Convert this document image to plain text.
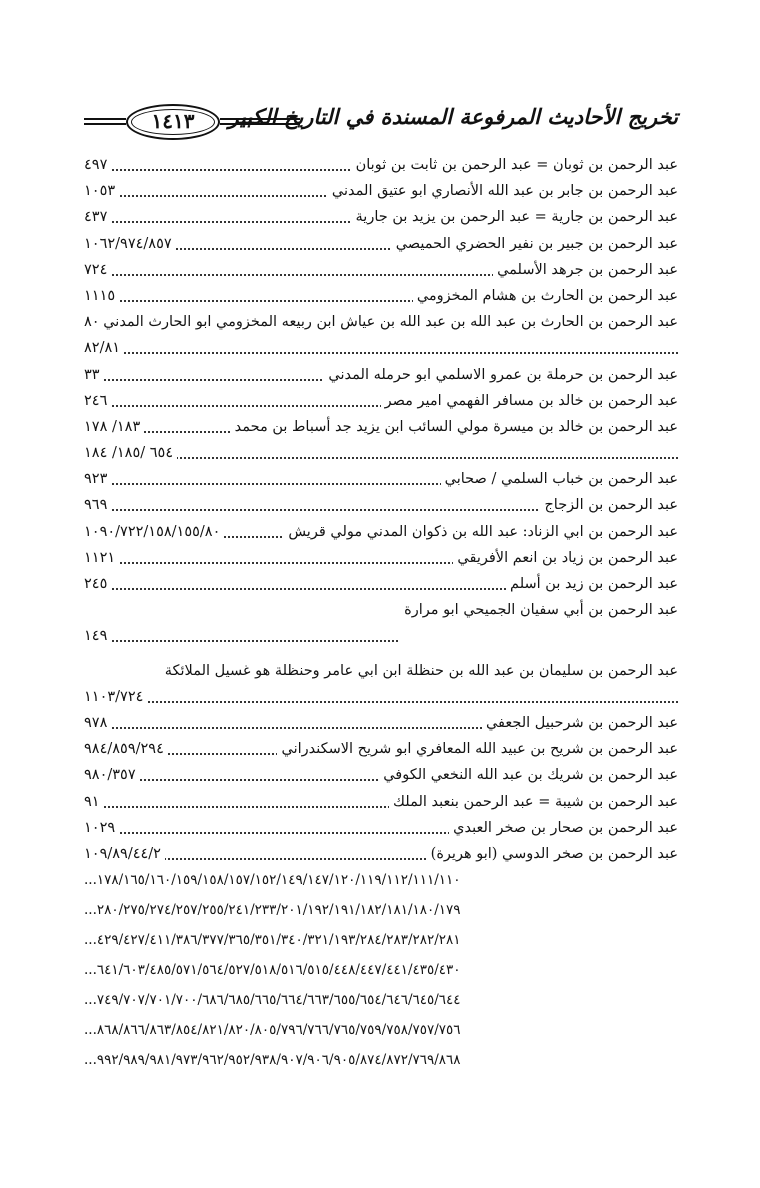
١٤١٣	تخريج الأحاديث المرفوعة المسندة في التاريخ الكبير
عبد الرحمن بن ثوبان = عبد الرحمن بن ثابت بن ثوبان
٤٩٧
عبد الرحمن بن جابر بن عبد الله الأنصاري ابو عتيق المدني
١٠٥٣
عبد الرحمن بن جارية = عبد الرحمن بن يزيد بن جارية
٤٣٧
عبد الرحمن بن جبير بن نفير الحضري الحميصي
١٠٦٢/٩٧٤/٨٥٧
عبد الرحمن بن جرهد الأسلمي
٧٢٤
عبد الرحمن بن الحارث بن هشام المخزومي
١١١٥
عبد الرحمن بن الحارث بن عبد الله بن عبد الله بن عياش ابن ربيعه المخزومي ابو الحارث المدني
٨٠
٨٢/٨١
عبد الرحمن بن حرملة بن عمرو الاسلمي ابو حرمله المدني
٣٣
عبد الرحمن بن خالد بن مسافر الفهمي امير مصر
٢٤٦
عبد الرحمن بن خالد بن ميسرة مولي السائب ابن يزيد جد أسباط بن محمد
١٨٣/ ١٧٨
٦٥٤ /١٨٥/ ١٨٤
عبد الرحمن بن خباب السلمي / صحابي
٩٢٣
عبد الرحمن بن الزجاج
٩٦٩
عبد الرحمن بن ابي الزناد: عبد الله بن ذكوان المدني مولي قريش
١٠٩٠/٧٢٢/١٥٨/١٥٥/٨٠
عبد الرحمن بن زياد بن انعم الأفريقي
١١٢١
عبد الرحمن بن زيد بن أسلم
٢٤٥
عبد الرحمن بن أبي سفيان الجميحي ابو مرارة
١٤٩
عبد الرحمن بن سليمان بن عبد الله بن حنظلة ابن ابي عامر وحنظلة هو غسيل الملائكة
١١٠٣/٧٢٤
عبد الرحمن بن شرحبيل الجعفي
٩٧٨
عبد الرحمن بن شريح بن عبيد الله المعافري ابو شريح الاسكندراني
٩٨٤/٨٥٩/٢٩٤
عبد الرحمن بن شريك بن عبد الله النخعي الكوفي
٩٨٠/٣٥٧
عبد الرحمن بن شيبة = عبد الرحمن بنعبد الملك
٩١
عبد الرحمن بن صحار بن صخر العبدي
١٠٢٩
عبد الرحمن بن صخر الدوسي (ابو هريرة)
١٠٩/٨٩/٤٤/٢
١٧٨/١٦٥/١٦٠/١٥٩/١٥٨/١٥٧/١٥٢/١٤٩/١٤٧/١٢٠/١١٩/١١٢/١١١/١١٠...
٢٨٠/٢٧٥/٢٧٤/٢٥٧/٢٥٥/٢٤١/٢٣٣/٢٠١/١٩٢/١٩١/١٨٢/١٨١/١٨٠/١٧٩...
٤٢٩/٤٢٧/٤١١/٣٨٦/٣٧٧/٣٦٥/٣٥١/٣٤٠/٣٢١/١٩٣/٢٨٤/٢٨٣/٢٨٢/٢٨١...
٦٤١/٦٠٣/٤٨٥/٥٧١/٥٦٤/٥٢٧/٥١٨/٥١٦/٥١٥/٤٤٨/٤٤٧/٤٤١/٤٣٥/٤٣٠...
٧٤٩/٧٠٧/٧٠١/٧٠٠/٦٨٦/٦٨٥/٦٦٥/٦٦٤/٦٦٣/٦٥٥/٦٥٤/٦٤٦/٦٤٥/٦٤٤...
٨٦٨/٨٦٦/٨٦٣/٨٥٤/٨٢١/٨٢٠/٨٠٥/٧٩٦/٧٦٦/٧٦٥/٧٥٩/٧٥٨/٧٥٧/٧٥٦...
٩٩٢/٩٨٩/٩٨١/٩٧٣/٩٦٢/٩٥٢/٩٣٨/٩٠٧/٩٠٦/٩٠٥/٨٧٤/٨٧٢/٧٦٩/٨٦٨...
